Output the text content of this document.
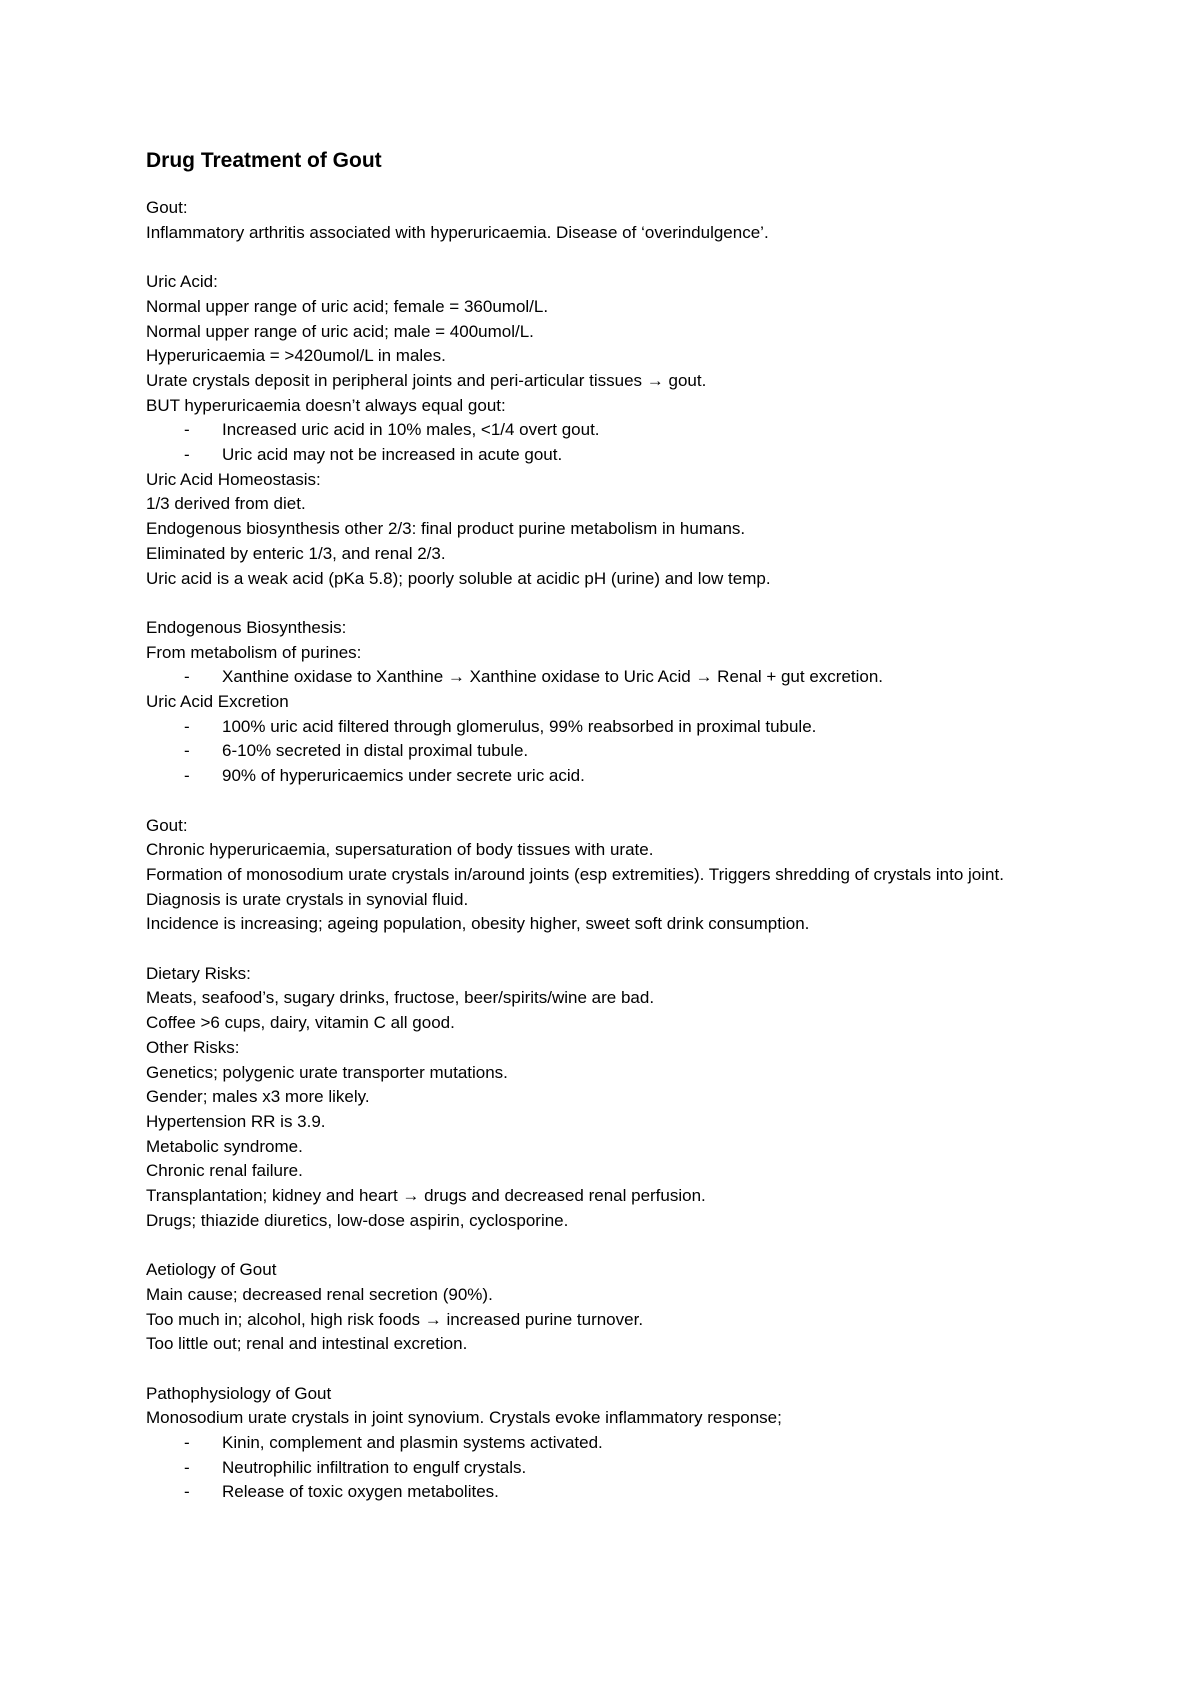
Drug Treatment of Gout
Gout:
Inflammatory arthritis associated with hyperuricaemia. Disease of ‘overindulgence’.
Uric Acid:
Normal upper range of uric acid; female = 360umol/L.
Normal upper range of uric acid; male = 400umol/L.
Hyperuricaemia = >420umol/L in males.
Urate crystals deposit in peripheral joints and peri-articular tissues → gout.
BUT hyperuricaemia doesn’t always equal gout:
-	Increased uric acid in 10% males, <1/4 overt gout.
-	Uric acid may not be increased in acute gout.
Uric Acid Homeostasis:
1/3 derived from diet.
Endogenous biosynthesis other 2/3: final product purine metabolism in humans.
Eliminated by enteric 1/3, and renal 2/3.
Uric acid is a weak acid (pKa 5.8); poorly soluble at acidic pH (urine) and low temp.
Endogenous Biosynthesis:
From metabolism of purines:
-	Xanthine oxidase to Xanthine → Xanthine oxidase to Uric Acid → Renal + gut excretion.
Uric Acid Excretion
-	100% uric acid filtered through glomerulus, 99% reabsorbed in proximal tubule.
-	6-10% secreted in distal proximal tubule.
-	90% of hyperuricaemics under secrete uric acid.
Gout:
Chronic hyperuricaemia, supersaturation of body tissues with urate.
Formation of monosodium urate crystals in/around joints (esp extremities). Triggers shredding of crystals into joint.
Diagnosis is urate crystals in synovial fluid.
Incidence is increasing; ageing population, obesity higher, sweet soft drink consumption.
Dietary Risks:
Meats, seafood’s, sugary drinks, fructose, beer/spirits/wine are bad.
Coffee >6 cups, dairy, vitamin C all good.
Other Risks:
Genetics; polygenic urate transporter mutations.
Gender; males x3 more likely.
Hypertension RR is 3.9.
Metabolic syndrome.
Chronic renal failure.
Transplantation; kidney and heart → drugs and decreased renal perfusion.
Drugs; thiazide diuretics, low-dose aspirin, cyclosporine.
Aetiology of Gout
Main cause; decreased renal secretion (90%).
Too much in; alcohol, high risk foods → increased purine turnover.
Too little out; renal and intestinal excretion.
Pathophysiology of Gout
Monosodium urate crystals in joint synovium. Crystals evoke inflammatory response;
-	Kinin, complement and plasmin systems activated.
-	Neutrophilic infiltration to engulf crystals.
-	Release of toxic oxygen metabolites.
